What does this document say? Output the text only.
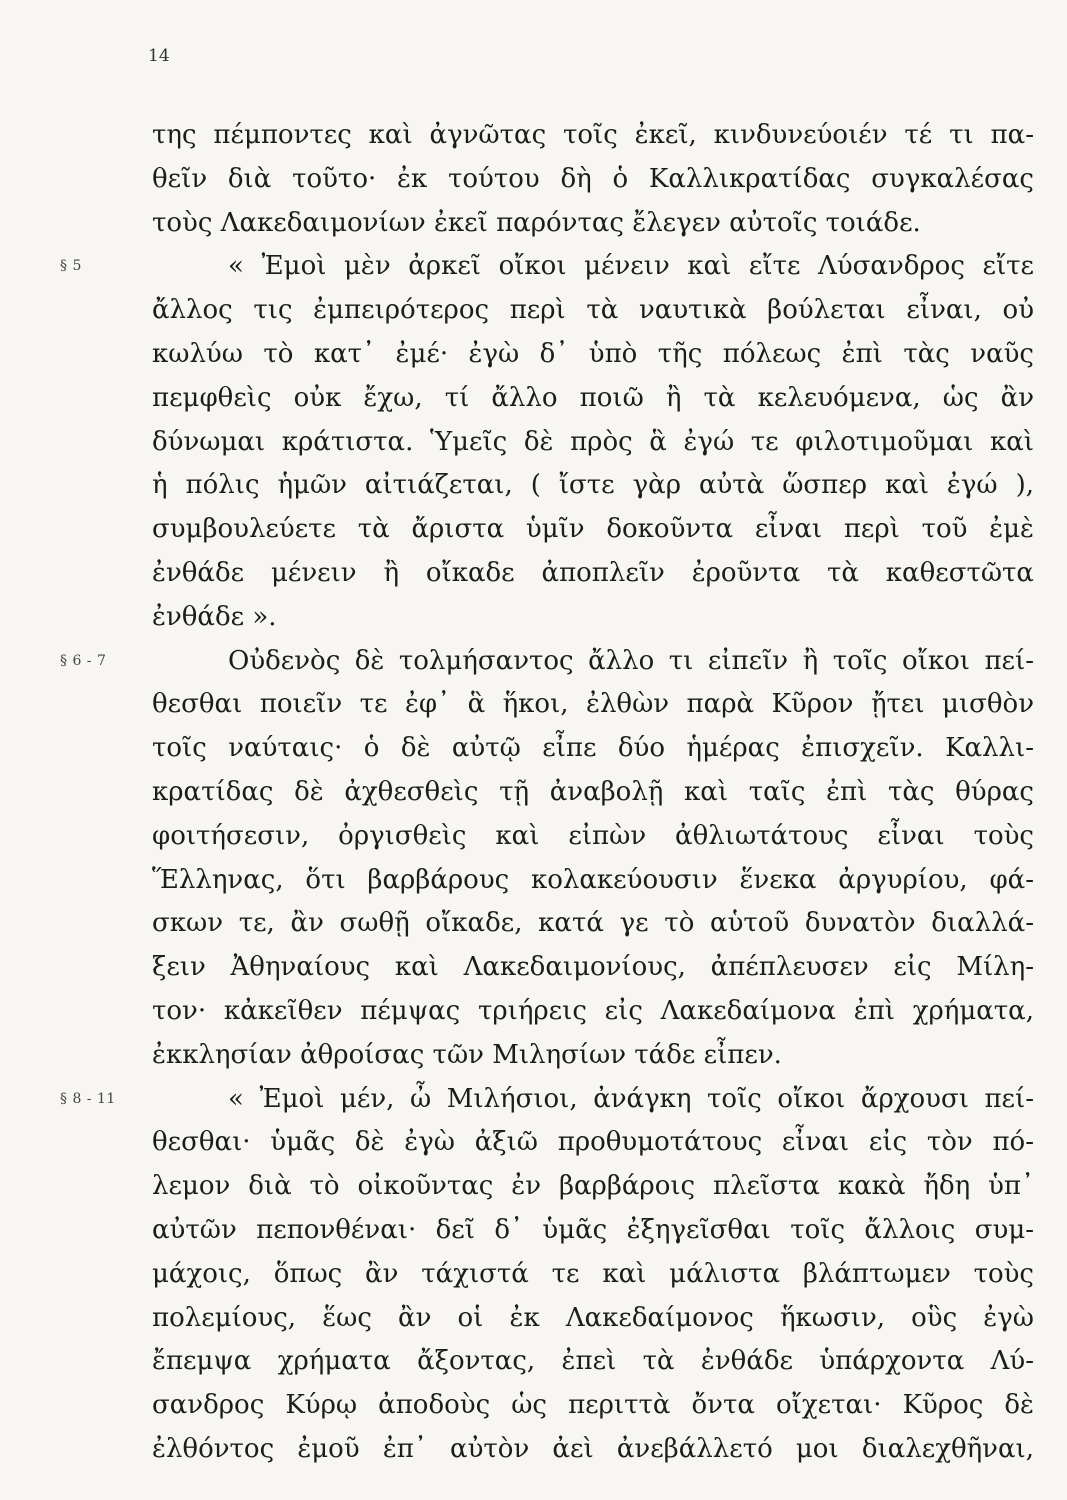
14
της πέμποντες καὶ ἀγνῶτας τοῖς ἐκεῖ, κινδυνεύοιέν τέ τι πα-
θεῖν διὰ τοῦτο· ἐκ τούτου δὴ ὁ Καλλικρατίδας συγκαλέσας
τοὺς Λακεδαιμονίων ἐκεῖ παρόντας ἔλεγεν αὐτοῖς τοιάδε.
§ 5	« Ἐμοὶ μὲν ἀρκεῖ οἴκοι μένειν καὶ εἴτε Λύσανδρος εἴτε
ἄλλος τις ἐμπειρότερος περὶ τὰ ναυτικὰ βούλεται εἶναι, οὐ
κωλύω τὸ κατ᾽ ἐμέ· ἐγὼ δ᾽ ὑπὸ τῆς πόλεως ἐπὶ τὰς ναῦς
πεμφθεὶς οὐκ ἔχω, τί ἄλλο ποιῶ ἢ τὰ κελευόμενα, ὡς ἂν
δύνωμαι κράτιστα. Ὑμεῖς δὲ πρὸς ἃ ἐγώ τε φιλοτιμοῦμαι καὶ
ἡ πόλις ἡμῶν αἰτιάζεται, ( ἴστε γὰρ αὐτὰ ὥσπερ καὶ ἐγώ ),
συμβουλεύετε τὰ ἄριστα ὑμῖν δοκοῦντα εἶναι περὶ τοῦ ἐμὲ
ἐνθάδε μένειν ἢ οἴκαδε ἀποπλεῖν ἐροῦντα τὰ καθεστῶτα
ἐνθάδε ».
§ 6 - 7	Οὐδενὸς δὲ τολμήσαντος ἄλλο τι εἰπεῖν ἢ τοῖς οἴκοι πεί-
θεσθαι ποιεῖν τε ἐφ᾽ ἃ ἥκοι, ἐλθὼν παρὰ Κῦρον ᾔτει μισθὸν
τοῖς ναύταις· ὁ δὲ αὐτῷ εἶπε δύο ἡμέρας ἐπισχεῖν. Καλλι-
κρατίδας δὲ ἀχθεσθεὶς τῇ ἀναβολῇ καὶ ταῖς ἐπὶ τὰς θύρας
φοιτήσεσιν, ὀργισθεὶς καὶ εἰπὼν ἀθλιωτάτους εἶναι τοὺς
Ἕλληνας, ὅτι βαρβάρους κολακεύουσιν ἕνεκα ἀργυρίου, φά-
σκων τε, ἂν σωθῇ οἴκαδε, κατά γε τὸ αὑτοῦ δυνατὸν διαλλά-
ξειν Ἀθηναίους καὶ Λακεδαιμονίους, ἀπέπλευσεν εἰς Μίλη-
τον· κἀκεῖθεν πέμψας τριήρεις εἰς Λακεδαίμονα ἐπὶ χρήματα,
ἐκκλησίαν ἀθροίσας τῶν Μιλησίων τάδε εἶπεν.
§ 8 - 11	« Ἐμοὶ μέν, ὦ Μιλήσιοι, ἀνάγκη τοῖς οἴκοι ἄρχουσι πεί-
θεσθαι· ὑμᾶς δὲ ἐγὼ ἀξιῶ προθυμοτάτους εἶναι εἰς τὸν πό-
λεμον διὰ τὸ οἰκοῦντας ἐν βαρβάροις πλεῖστα κακὰ ἤδη ὑπ᾽
αὐτῶν πεπονθέναι· δεῖ δ᾽ ὑμᾶς ἐξηγεῖσθαι τοῖς ἄλλοις συμ-
μάχοις, ὅπως ἂν τάχιστά τε καὶ μάλιστα βλάπτωμεν τοὺς
πολεμίους, ἕως ἂν οἱ ἐκ Λακεδαίμονος ἥκωσιν, οὓς ἐγὼ
ἔπεμψα χρήματα ἄξοντας, ἐπεὶ τὰ ἐνθάδε ὑπάρχοντα Λύ-
σανδρος Κύρῳ ἀποδοὺς ὡς περιττὰ ὄντα οἴχεται· Κῦρος δὲ
ἐλθόντος ἐμοῦ ἐπ᾽ αὐτὸν ἀεὶ ἀνεβάλλετό μοι διαλεχθῆναι,
